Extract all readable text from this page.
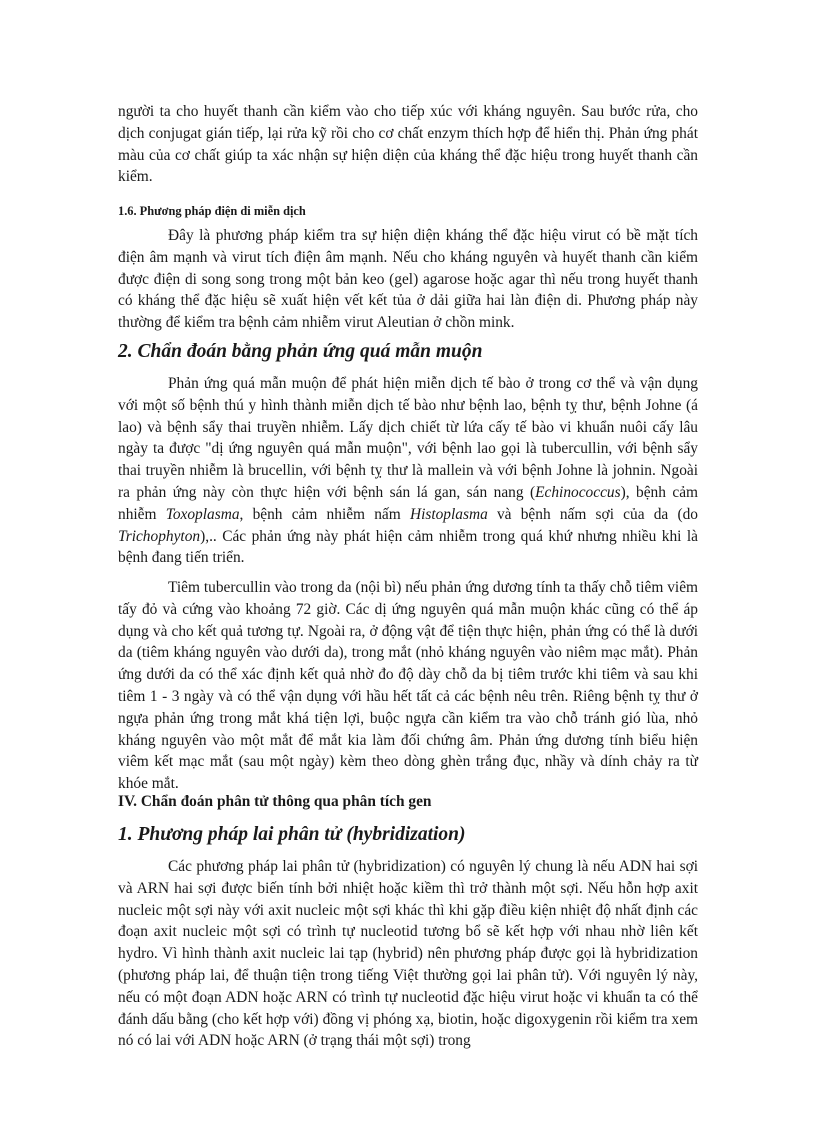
người ta cho huyết thanh cần kiểm vào cho tiếp xúc với kháng nguyên. Sau bước rửa, cho dịch conjugat gián tiếp, lại rửa kỹ rồi cho cơ chất enzym thích hợp để hiển thị. Phản ứng phát màu của cơ chất giúp ta xác nhận sự hiện diện của kháng thể đặc hiệu trong huyết thanh cần kiểm.

1.6. Phương pháp điện di miễn dịch

Đây là phương pháp kiểm tra sự hiện diện kháng thể đặc hiệu virut có bề mặt tích điện âm mạnh và virut tích điện âm mạnh. Nếu cho kháng nguyên và huyết thanh cần kiểm được điện di song song trong một bản keo (gel) agarose hoặc agar thì nếu trong huyết thanh có kháng thể đặc hiệu sẽ xuất hiện vết kết tủa ở dải giữa hai làn điện di. Phương pháp này thường để kiểm tra bệnh cảm nhiễm virut Aleutian ở chồn mink.

2. Chẩn đoán bằng phản ứng quá mẫn muộn

Phản ứng quá mẫn muộn để phát hiện miễn dịch tế bào ở trong cơ thể và vận dụng với một số bệnh thú y hình thành miễn dịch tế bào như bệnh lao, bệnh tỵ thư, bệnh Johne (á lao) và bệnh sẩy thai truyền nhiễm. Lấy dịch chiết từ lứa cấy tế bào vi khuẩn nuôi cấy lâu ngày ta được "dị ứng nguyên quá mẫn muộn", với bệnh lao gọi là tubercullin, với bệnh sẩy thai truyền nhiễm là brucellin, với bệnh tỵ thư là mallein và với bệnh Johne là johnin. Ngoài ra phản ứng này còn thực hiện với bệnh sán lá gan, sán nang (Echinococcus), bệnh cảm nhiễm Toxoplasma, bệnh cảm nhiễm nấm Histoplasma và bệnh nấm sợi của da (do Trichophyton),.. Các phản ứng này phát hiện cảm nhiễm trong quá khứ nhưng nhiều khi là bệnh đang tiến triển.

Tiêm tubercullin vào trong da (nội bì) nếu phản ứng dương tính ta thấy chỗ tiêm viêm tấy đỏ và cứng vào khoảng 72 giờ. Các dị ứng nguyên quá mẫn muộn khác cũng có thể áp dụng và cho kết quả tương tự. Ngoài ra, ở động vật để tiện thực hiện, phản ứng có thể là dưới da (tiêm kháng nguyên vào dưới da), trong mắt (nhỏ kháng nguyên vào niêm mạc mắt). Phản ứng dưới da có thể xác định kết quả nhờ đo độ dày chỗ da bị tiêm trước khi tiêm và sau khi tiêm 1 - 3 ngày và có thể vận dụng với hầu hết tất cả các bệnh nêu trên. Riêng bệnh tỵ thư ở ngựa phản ứng trong mắt khá tiện lợi, buộc ngựa cần kiểm tra vào chỗ tránh gió lùa, nhỏ kháng nguyên vào một mắt để mắt kia làm đối chứng âm. Phản ứng dương tính biểu hiện viêm kết mạc mắt (sau một ngày) kèm theo dòng ghèn trắng đục, nhầy và dính chảy ra từ khóe mắt.

IV. Chẩn đoán phân tử thông qua phân tích gen
1. Phương pháp lai phân tử (hybridization)

Các phương pháp lai phân tử (hybridization) có nguyên lý chung là nếu ADN hai sợi và ARN hai sợi được biến tính bởi nhiệt hoặc kiềm thì trở thành một sợi. Nếu hỗn hợp axit nucleic một sợi này với axit nucleic một sợi khác thì khi gặp điều kiện nhiệt độ nhất định các đoạn axit nucleic một sợi có trình tự nucleotid tương bổ sẽ kết hợp với nhau nhờ liên kết hydro. Vì hình thành axit nucleic lai tạp (hybrid) nên phương pháp được gọi là hybridization (phương pháp lai, để thuận tiện trong tiếng Việt thường gọi lai phân tử). Với nguyên lý này, nếu có một đoạn ADN hoặc ARN có trình tự nucleotid đặc hiệu virut hoặc vi khuẩn ta có thể đánh dấu bằng (cho kết hợp với) đồng vị phóng xạ, biotin, hoặc digoxygenin rồi kiểm tra xem nó có lai với ADN hoặc ARN (ở trạng thái một sợi) trong
